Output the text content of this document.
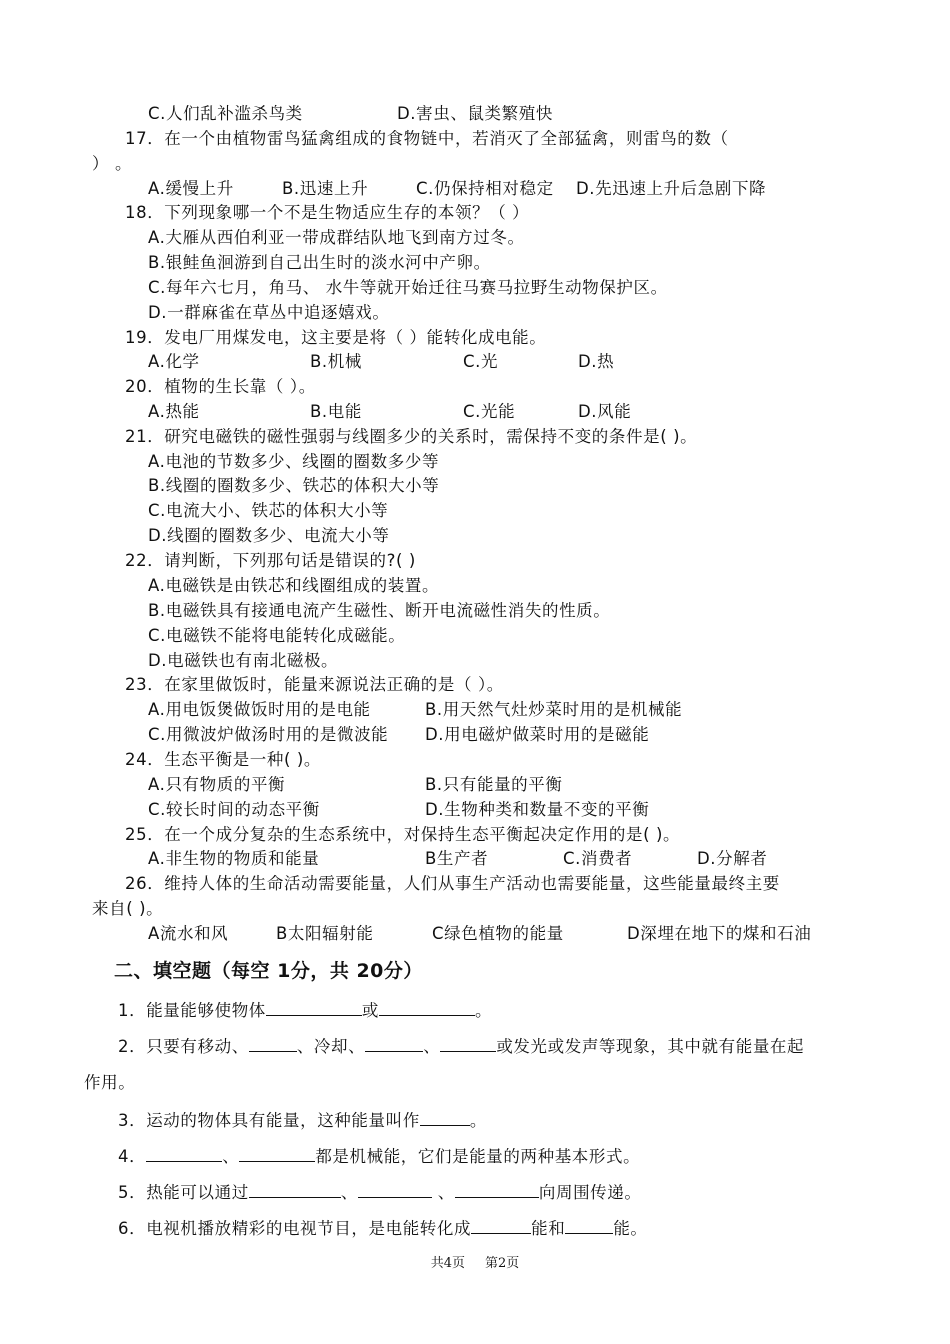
C.人们乱补滥杀鸟类	D.害虫、鼠类繁殖快
17．在一个由植物雷鸟猛禽组成的食物链中，若消灭了全部猛禽，则雷鸟的数（
） 。
A.缓慢上升	B.迅速上升	C.仍保持相对稳定 D.先迅速上升后急剧下降
18．下列现象哪一个不是生物适应生存的本领？（ ）
A.大雁从西伯利亚一带成群结队地飞到南方过冬。
B.银鲑鱼洄游到自己出生时的淡水河中产卵。
C.每年六七月，角马、 水牛等就开始迁往马赛马拉野生动物保护区。
D.一群麻雀在草丛中追逐嬉戏。
19．发电厂用煤发电，这主要是将（ ）能转化成电能。
A.化学	B.机械	C.光	D.热
20．植物的生长靠（ ）。
A.热能	B.电能	C.光能	D.风能
21．研究电磁铁的磁性强弱与线圈多少的关系时，需保持不变的条件是( )。
A.电池的节数多少、线圈的圈数多少等
B.线圈的圈数多少、铁芯的体积大小等
C.电流大小、铁芯的体积大小等
D.线圈的圈数多少、电流大小等
22．请判断，下列那句话是错误的?( )
A.电磁铁是由铁芯和线圈组成的装置。
B.电磁铁具有接通电流产生磁性、断开电流磁性消失的性质。
C.电磁铁不能将电能转化成磁能。
D.电磁铁也有南北磁极。
23．在家里做饭时，能量来源说法正确的是（ ）。
A.用电饭煲做饭时用的是电能	B.用天然气灶炒菜时用的是机械能
C.用微波炉做汤时用的是微波能 D.用电磁炉做菜时用的是磁能
24．生态平衡是一种( )。
A.只有物质的平衡	B.只有能量的平衡
C.较长时间的动态平衡	D.生物种类和数量不变的平衡
25．在一个成分复杂的生态系统中，对保持生态平衡起决定作用的是( )。
A.非生物的物质和能量	B生产者	C.消费者	D.分解者
26．维持人体的生命活动需要能量，人们从事生产活动也需要能量，这些能量最终主要
来自( )。
A流水和风	B太阳辐射能	C绿色植物的能量	D深埋在地下的煤和石油
二、填空题（每空 1分，共 20分）
1．能量能够使物体	或	。
2．只要有移动、	、冷却、	、	或发光或发声等现象，其中就有能量在起
作用。
3．运动的物体具有能量，这种能量叫作	。
4．	、	都是机械能，它们是能量的两种基本形式。
5．热能可以通过	、	、	向周围传递。
6．电视机播放精彩的电视节目，是电能转化成	能和	能。
共4页 第2页
